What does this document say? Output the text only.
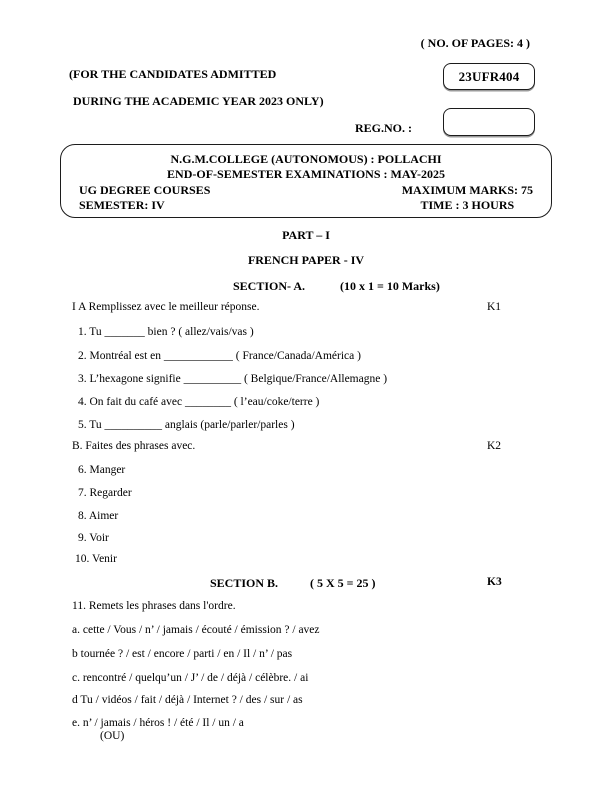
( NO. OF PAGES: 4 )
(FOR THE CANDIDATES ADMITTED	23UFR404
DURING THE ACADEMIC YEAR 2023 ONLY)
REG.NO. :
N.G.M.COLLEGE (AUTONOMOUS) : POLLACHI
END-OF-SEMESTER EXAMINATIONS : MAY-2025
UG DEGREE COURSES
SEMESTER: IV
MAXIMUM MARKS: 75
TIME : 3 HOURS
PART – I
FRENCH PAPER - IV
SECTION- A.	(10 x 1 = 10 Marks)
I A Remplissez avec le meilleur réponse.	K1
1. Tu _______ bien ? ( allez/vais/vas )
2. Montréal est en ____________ ( France/Canada/América )
3. L’hexagone signifie __________ ( Belgique/France/Allemagne )
4. On fait du café avec ________ ( l’eau/coke/terre )
5. Tu __________ anglais (parle/parler/parles )
B. Faites des phrases avec.	K2
6. Manger
7. Regarder
8. Aimer
9. Voir
10. Venir
SECTION B.	( 5 X 5 = 25 )	K3
11. Remets les phrases dans l'ordre.
a. cette / Vous / n’ / jamais / écouté / émission ? / avez
b tournée ? / est / encore / parti / en / Il / n’ / pas
c. rencontré / quelqu’un / J’ / de / déjà / célèbre. / ai
d Tu / vidéos / fait / déjà / Internet ? / des / sur / as
e. n’ / jamais / héros ! / été / Il / un / a
(OU)
